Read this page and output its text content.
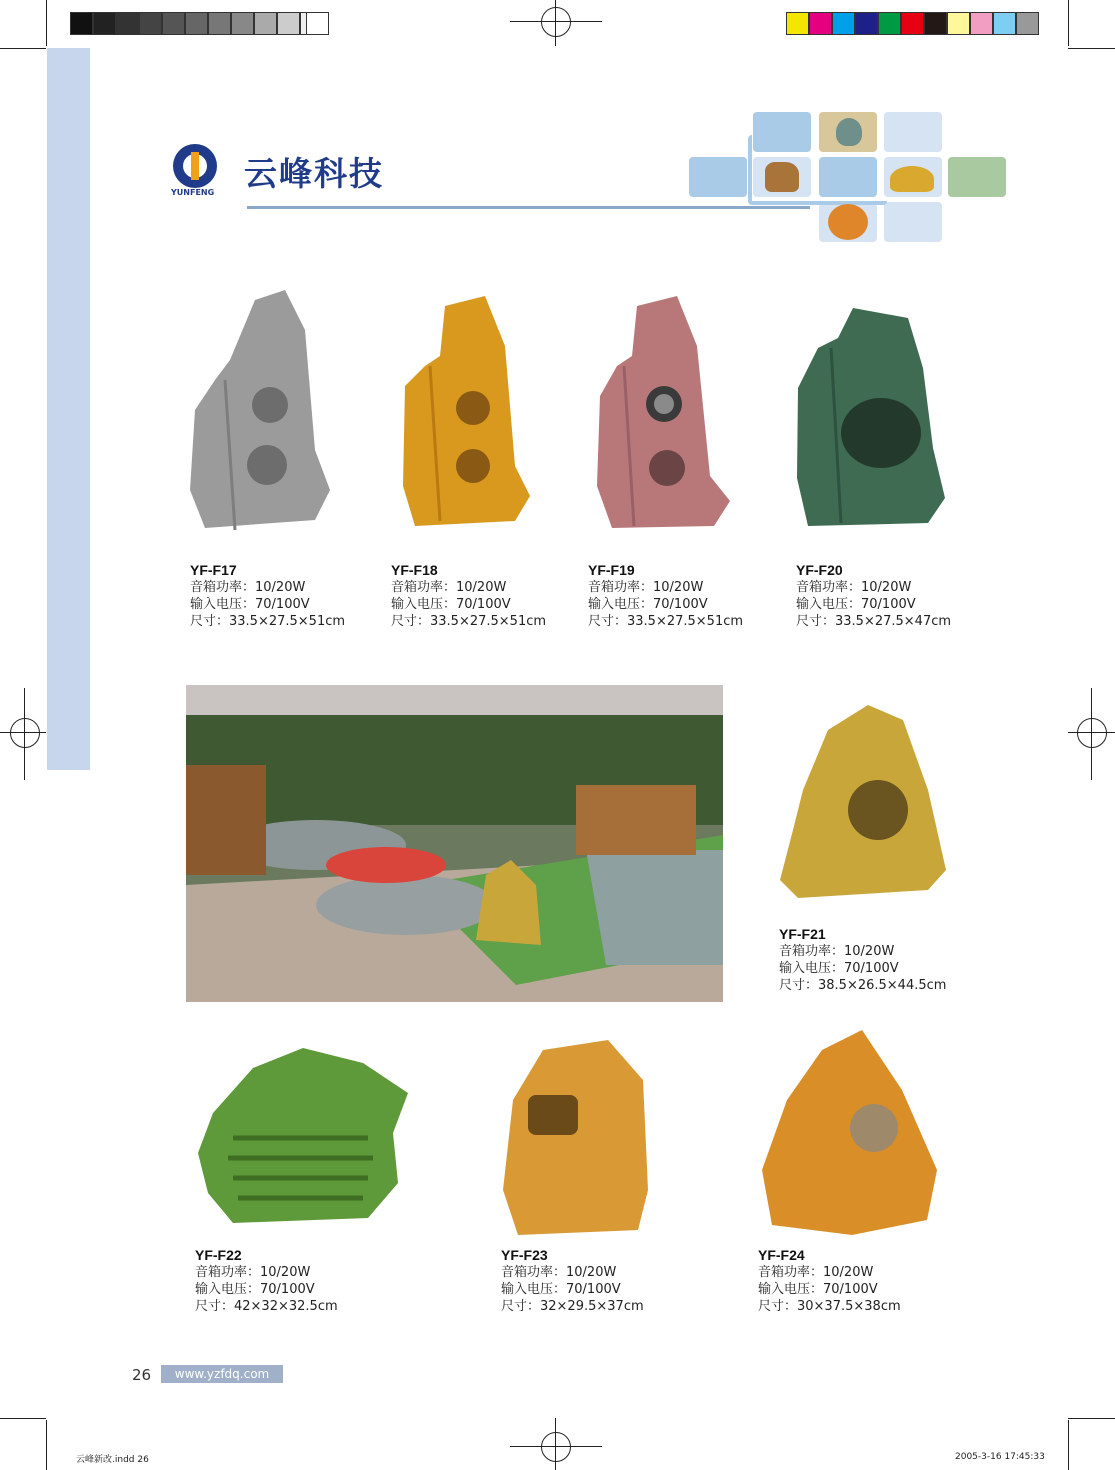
YUNFENG 云峰科技
YF-F17
音箱功率：10/20W
输入电压：70/100V
尺寸：33.5×27.5×51cm
YF-F18
音箱功率：10/20W
输入电压：70/100V
尺寸：33.5×27.5×51cm
YF-F19
音箱功率：10/20W
输入电压：70/100V
尺寸：33.5×27.5×51cm
YF-F20
音箱功率：10/20W
输入电压：70/100V
尺寸：33.5×27.5×47cm
YF-F21
音箱功率：10/20W
输入电压：70/100V
尺寸：38.5×26.5×44.5cm
YF-F22
音箱功率：10/20W
输入电压：70/100V
尺寸：42×32×32.5cm
YF-F23
音箱功率：10/20W
输入电压：70/100V
尺寸：32×29.5×37cm
YF-F24
音箱功率：10/20W
输入电压：70/100V
尺寸：30×37.5×38cm
26	www.yzfdq.com
云峰新改.indd 26	2005-3-16 17:45:33
